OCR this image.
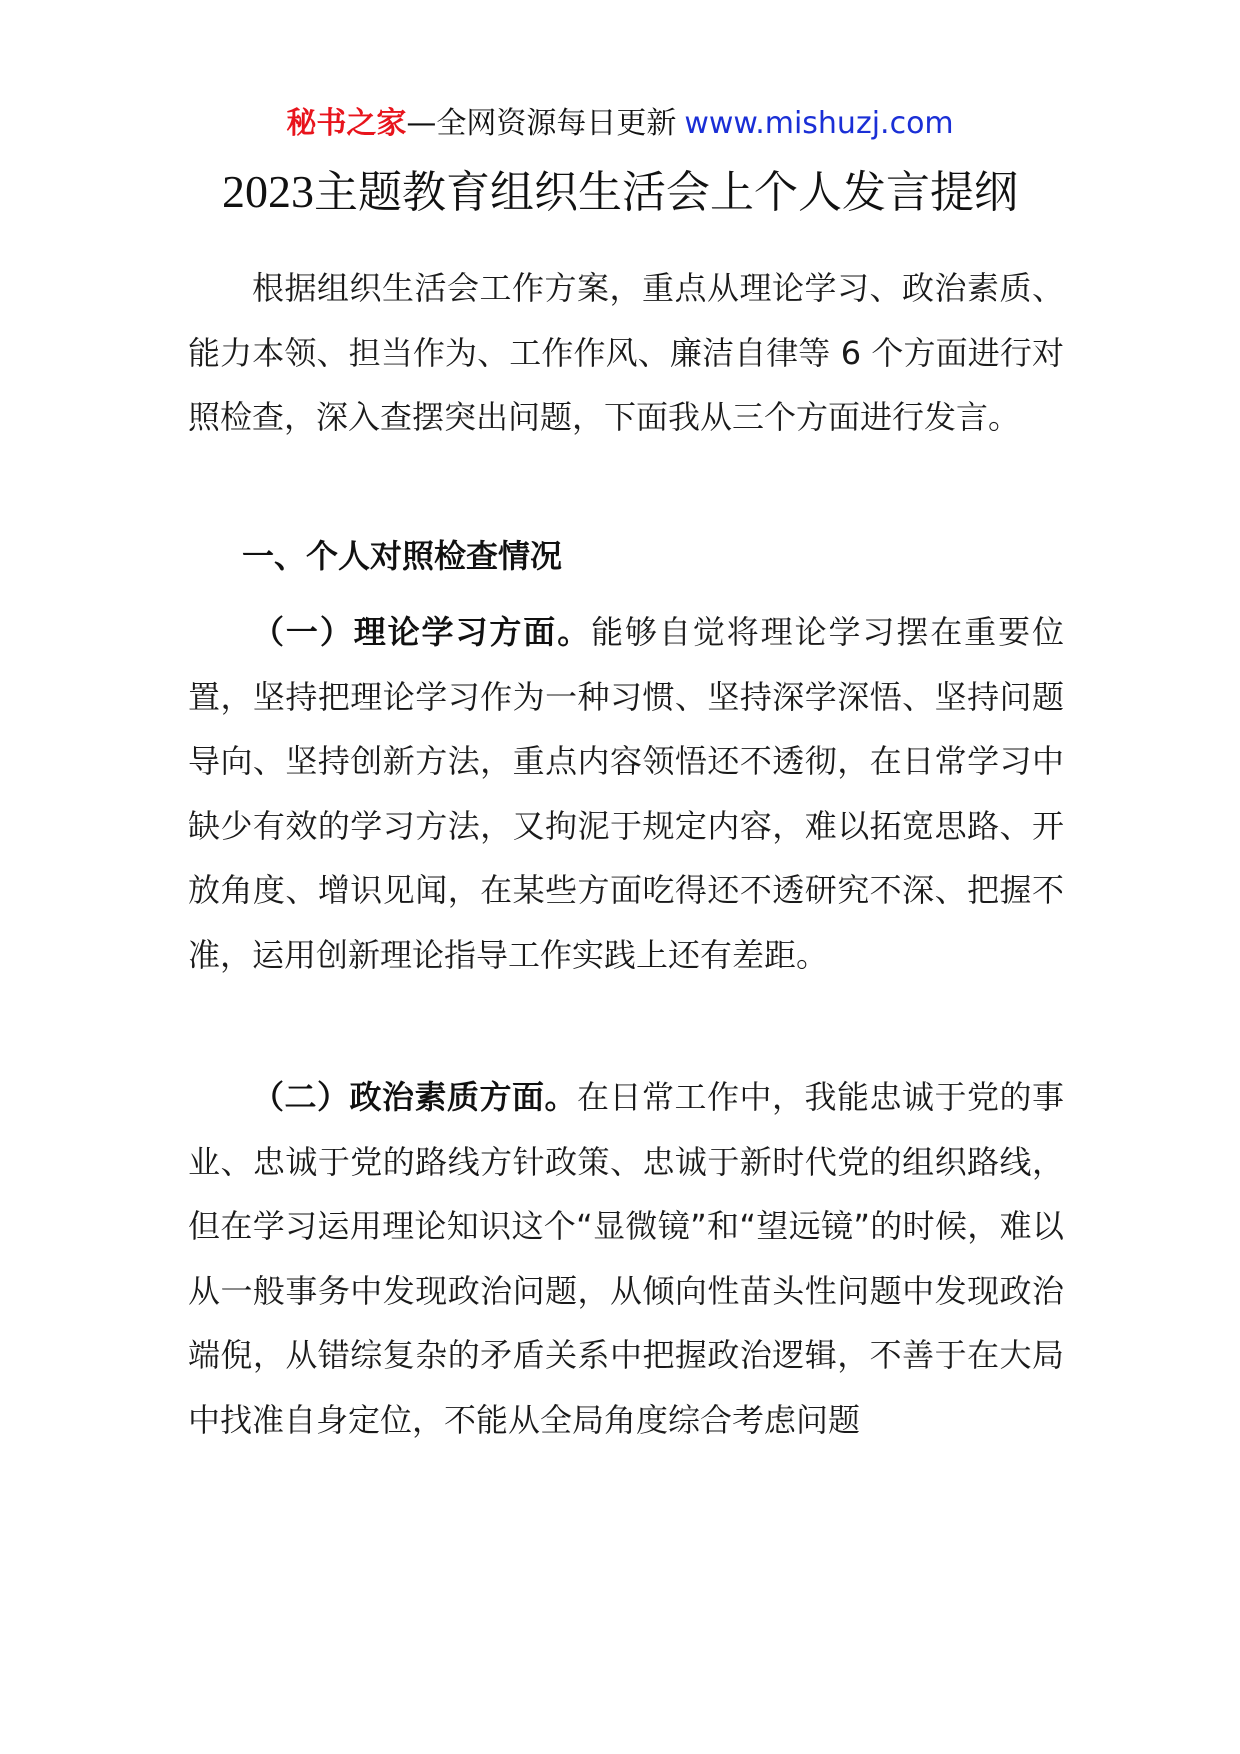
秘书之家—全网资源每日更新 www.mishuzj.com
2023主题教育组织生活会上个人发言提纲

根据组织生活会工作方案，重点从理论学习、政治素质、能力本领、担当作为、工作作风、廉洁自律等 6 个方面进行对照检查，深入查摆突出问题，下面我从三个方面进行发言。

一、个人对照检查情况

（一）理论学习方面。能够自觉将理论学习摆在重要位置，坚持把理论学习作为一种习惯、坚持深学深悟、坚持问题导向、坚持创新方法，重点内容领悟还不透彻，在日常学习中缺少有效的学习方法，又拘泥于规定内容，难以拓宽思路、开放角度、增识见闻，在某些方面吃得还不透研究不深、把握不准，运用创新理论指导工作实践上还有差距。

（二）政治素质方面。在日常工作中，我能忠诚于党的事业、忠诚于党的路线方针政策、忠诚于新时代党的组织路线，但在学习运用理论知识这个“显微镜”和“望远镜”的时候，难以从一般事务中发现政治问题，从倾向性苗头性问题中发现政治端倪，从错综复杂的矛盾关系中把握政治逻辑，不善于在大局中找准自身定位，不能从全局角度综合考虑问题
